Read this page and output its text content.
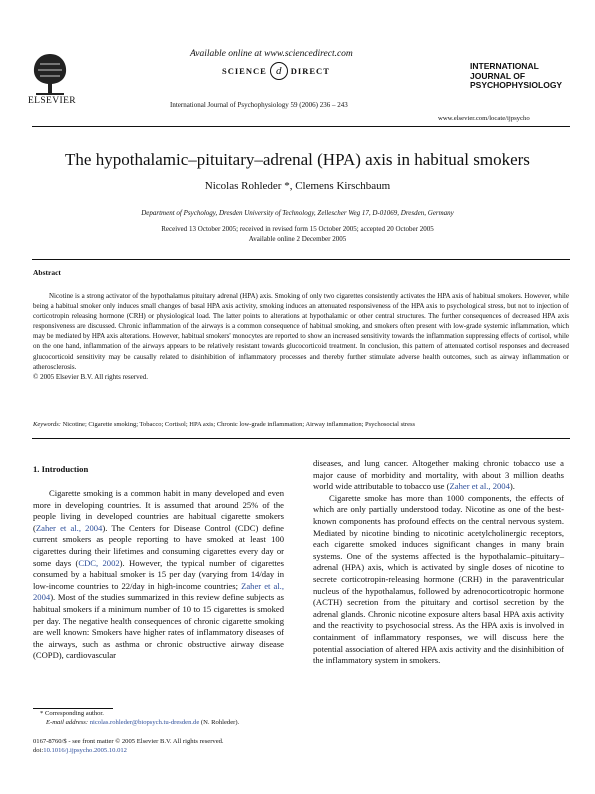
ELSEVIER
Available online at www.sciencedirect.com
SCIENCE d	DIRECT
International Journal of Psychophysiology 59 (2006) 236 – 243
INTERNATIONAL
JOURNAL OF
PSYCHOPHYSIOLOGY
www.elsevier.com/locate/ijpsycho
The hypothalamic–pituitary–adrenal (HPA) axis in habitual smokers
Nicolas Rohleder *, Clemens Kirschbaum
Department of Psychology, Dresden University of Technology, Zellescher Weg 17, D-01069, Dresden, Germany
Received 13 October 2005; received in revised form 15 October 2005; accepted 20 October 2005
Available online 2 December 2005
Abstract

Nicotine is a strong activator of the hypothalamus pituitary adrenal (HPA) axis. Smoking of only two cigarettes consistently activates the HPA axis of habitual smokers. However, while being a habitual smoker only induces small changes of basal HPA axis activity, smoking induces an attenuated responsiveness of the HPA axis to psychological stress, but not to injection of corticotropin releasing hormone (CRH) or physiological load. The latter points to alterations at hypothalamic or other central structures. The further consequences of decreased HPA axis responsiveness are discussed. Chronic inflammation of the airways is a common consequence of habitual smoking, and smokers often present with low-grade systemic inflammation, which may be mediated by HPA axis alterations. However, habitual smokers' monocytes are reported to show an increased sensitivity towards the inflammation suppressing effects of cortisol, while on the one hand, inflammation of the airways appears to be relatively resistant towards glucocorticoid treatment. In conclusion, this pattern of attenuated cortisol responses and decreased glucocorticoid sensitivity may be causally related to disinhibition of inflammatory processes and thereby further stimulate adverse health outcomes, such as airway inflammation or atherosclerosis.

© 2005 Elsevier B.V. All rights reserved.
Keywords: Nicotine; Cigarette smoking; Tobacco; Cortisol; HPA axis; Chronic low-grade inflammation; Airway inflammation; Psychosocial stress
1. Introduction

Cigarette smoking is a common habit in many developed and even more in developing countries. It is assumed that around 25% of the people living in developed countries are habitual cigarette smokers (Zaher et al., 2004). The Centers for Disease Control (CDC) define current smokers as people reporting to have smoked at least 100 cigarettes during their lifetimes and consuming cigarettes every day or some days (CDC, 2002). However, the typical number of cigarettes consumed by a habitual smoker is 15 per day (varying from 14/day in low-income countries to 22/day in high-income countries; Zaher et al., 2004). Most of the studies summarized in this review define subjects as habitual smokers if a minimum number of 10 to 15 cigarettes is smoked per day. The negative health consequences of chronic cigarette smoking are well known: Smokers have higher rates of inflammatory diseases of the airways, such as asthma or chronic obstructive airway disease (COPD), cardiovascular

diseases, and lung cancer. Altogether making chronic tobacco use a major cause of morbidity and mortality, with about 3 million deaths world wide attributable to tobacco use (Zaher et al., 2004).

Cigarette smoke has more than 1000 components, the effects of which are only partially understood today. Nicotine as one of the best-known components has profound effects on the central nervous system. Mediated by nicotine binding to nicotinic acetylcholinergic receptors, each cigarette smoked induces significant changes in many brain systems. One of the systems affected is the hypothalamic–pituitary–adrenal (HPA) axis, which is activated by single doses of nicotine to secrete corticotropin-releasing hormone (CRH) in the paraventricular nucleus of the hypothalamus, followed by adrenocorticotropic hormone (ACTH) secretion from the pituitary and cortisol secretion by the adrenal glands. Chronic nicotine exposure alters basal HPA axis activity and the reactivity to psychosocial stress. As the HPA axis is involved in containment of inflammatory responses, we will discuss here the potential association of altered HPA axis activity and the disinhibition of the inflammatory system in smokers.

* Corresponding author.
E-mail address: nicolas.rohleder@biopsych.tu-dresden.de (N. Rohleder).
0167-8760/$ - see front matter © 2005 Elsevier B.V. All rights reserved.
doi:10.1016/j.ijpsycho.2005.10.012
